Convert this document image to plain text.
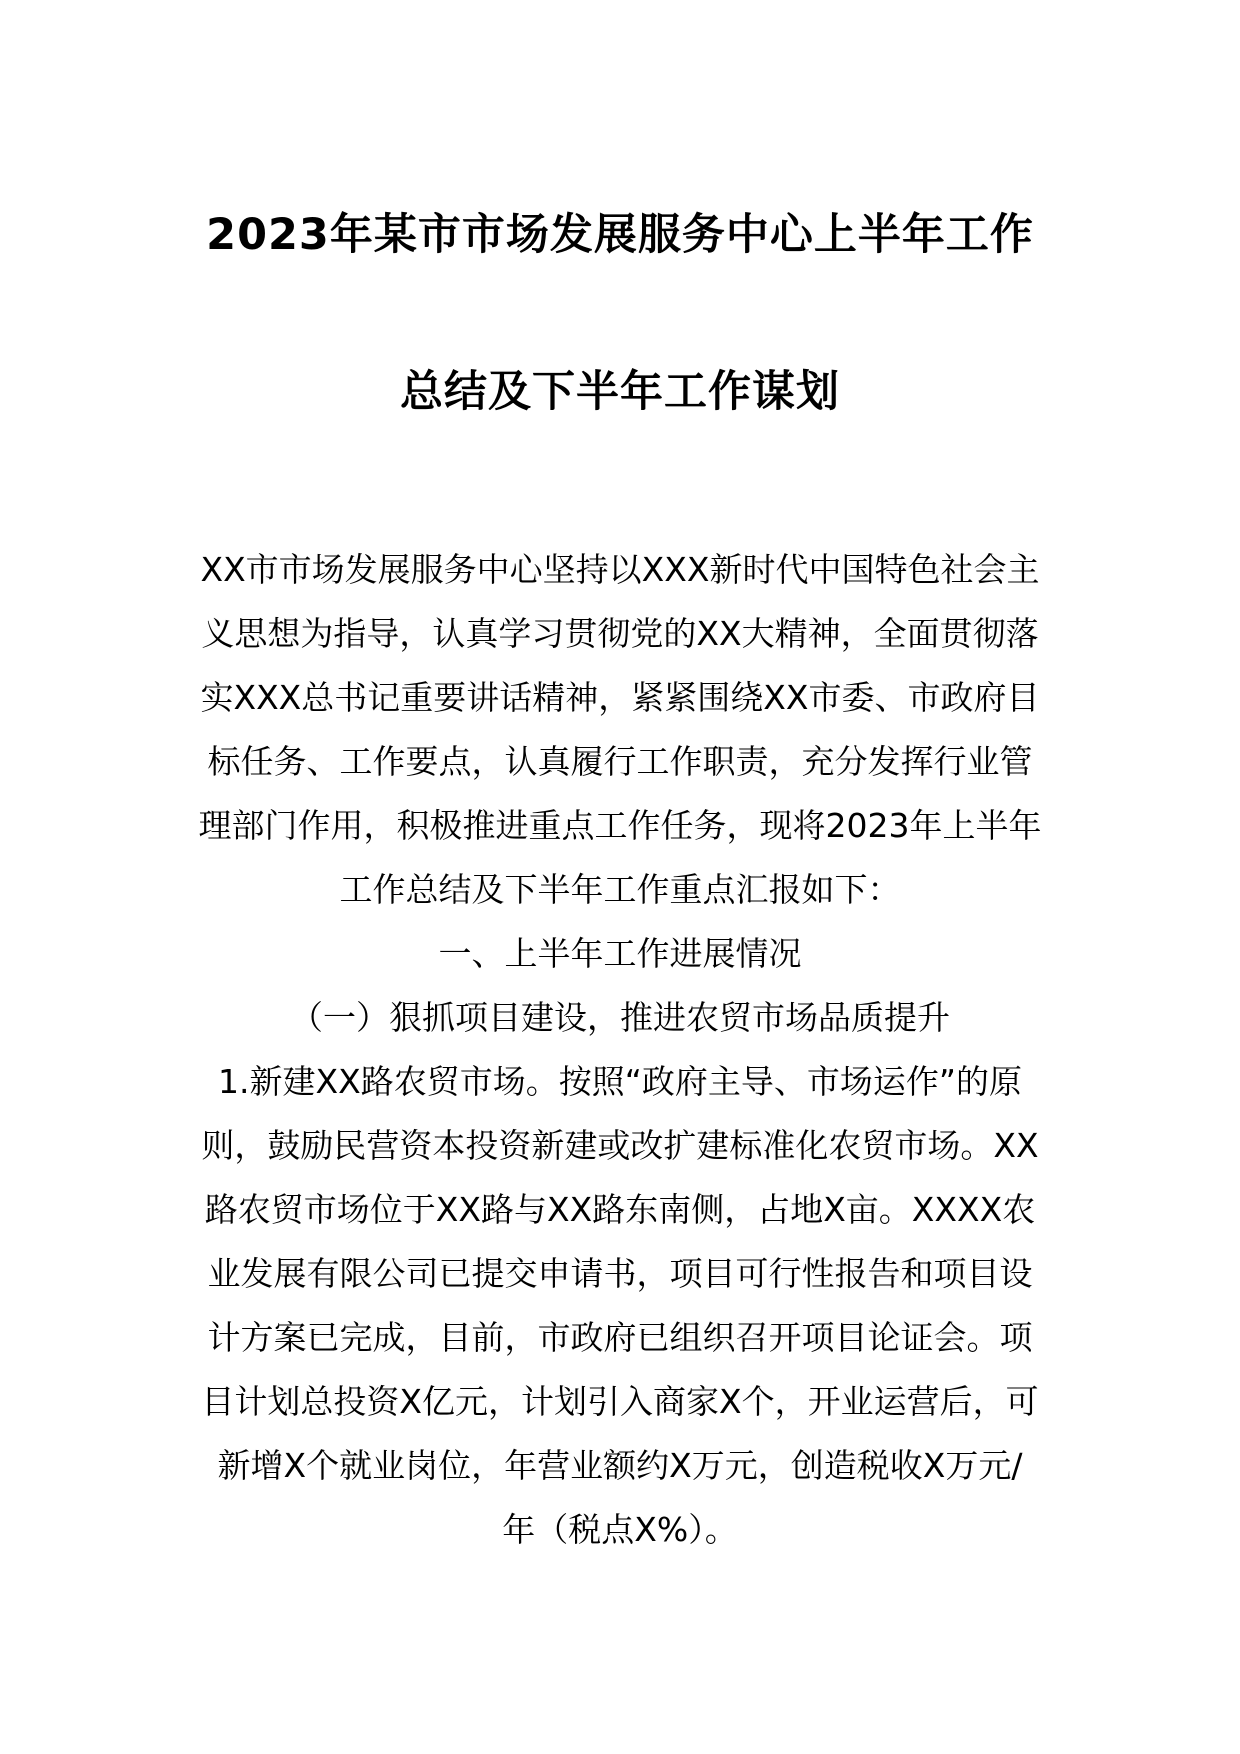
2023年某市市场发展服务中心上半年工作
总结及下半年工作谋划
XX市市场发展服务中心坚持以XXX新时代中国特色社会主
义思想为指导，认真学习贯彻党的XX大精神，全面贯彻落
实XXX总书记重要讲话精神，紧紧围绕XX市委、市政府目
标任务、工作要点，认真履行工作职责，充分发挥行业管
理部门作用，积极推进重点工作任务，现将2023年上半年
工作总结及下半年工作重点汇报如下：
一、上半年工作进展情况
（一）狠抓项目建设，推进农贸市场品质提升
1.新建XX路农贸市场。按照“政府主导、市场运作”的原
则，鼓励民营资本投资新建或改扩建标准化农贸市场。XX
路农贸市场位于XX路与XX路东南侧，占地X亩。XXXX农
业发展有限公司已提交申请书，项目可行性报告和项目设
计方案已完成，目前，市政府已组织召开项目论证会。项
目计划总投资X亿元，计划引入商家X个，开业运营后，可
新增X个就业岗位，年营业额约X万元，创造税收X万元/
年（税点X%）。
